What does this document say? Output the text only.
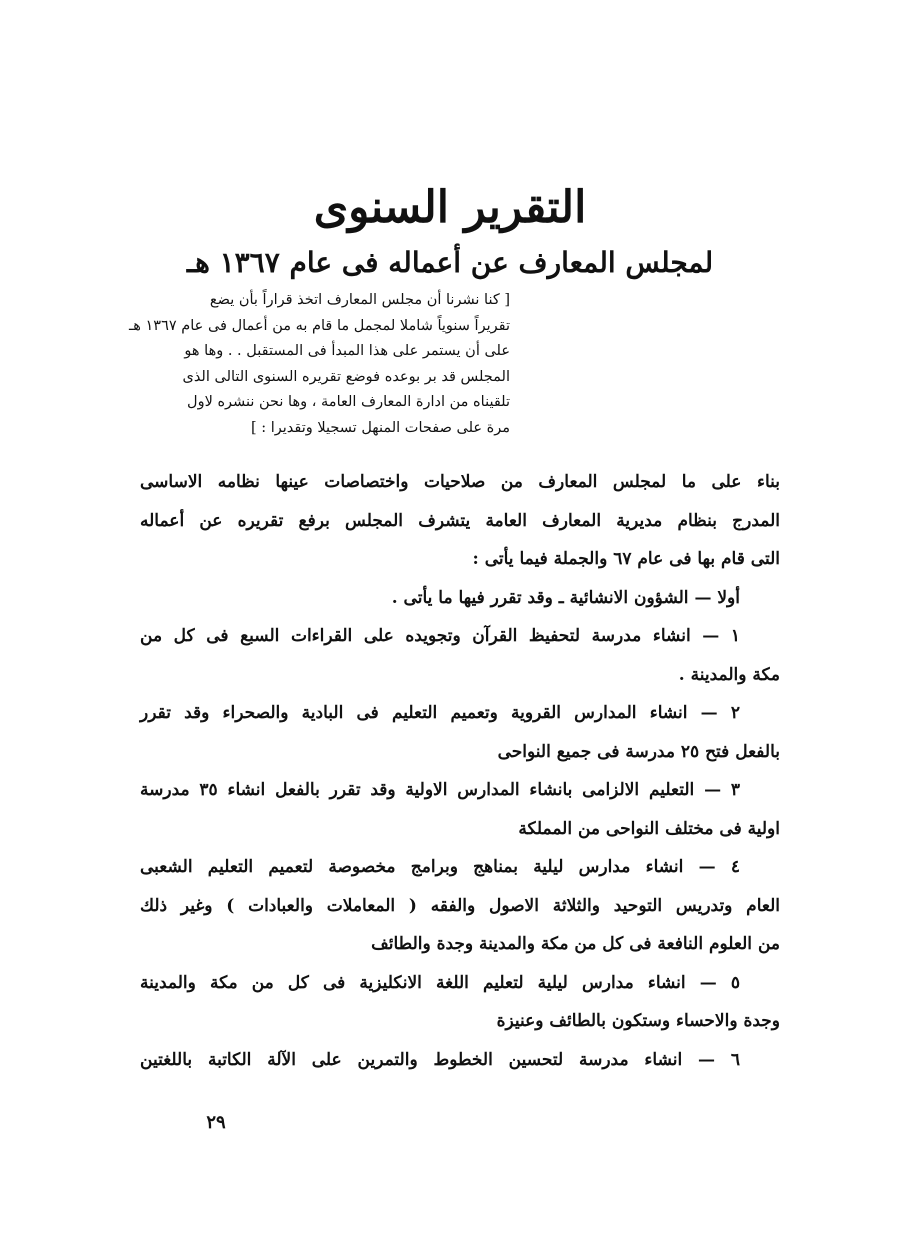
التقرير السنوى
لمجلس المعارف عن أعماله فى عام ١٣٦٧ هـ
[ كنا نشرنا أن مجلس المعارف اتخذ قراراً بأن يضع
تقريراً سنوياً شاملا لمجمل ما قام به من أعمال فى عام ١٣٦٧ هـ
على أن يستمر على هذا المبدأ فى المستقبل . . وها هو
المجلس قد بر بوعده فوضع تقريره السنوى التالى الذى
تلقيناه من ادارة المعارف العامة ، وها نحن ننشره لاول
مرة على صفحات المنهل تسجيلا وتقديرا : ]
بناء على ما لمجلس المعارف من صلاحيات واختصاصات عينها نظامه الاساسى
المدرج بنظام مديرية المعارف العامة يتشرف المجلس برفع تقريره عن أعماله
التى قام بها فى عام ٦٧ والجملة فيما يأتى :
أولا — الشؤون الانشائية ـ وقد تقرر فيها ما يأتى .
١ — انشاء مدرسة لتحفيظ القرآن وتجويده على القراءات السبع فى كل من
مكة والمدينة .
٢ — انشاء المدارس القروية وتعميم التعليم فى البادية والصحراء وقد تقرر
بالفعل فتح ٢٥ مدرسة فى جميع النواحى
٣ — التعليم الالزامى بانشاء المدارس الاولية وقد تقرر بالفعل انشاء ٣٥ مدرسة
اولية فى مختلف النواحى من المملكة
٤ — انشاء مدارس ليلية بمناهج وبرامج مخصوصة لتعميم التعليم الشعبى
العام وتدريس التوحيد والثلاثة الاصول والفقه ( المعاملات والعبادات ) وغير ذلك
من العلوم النافعة فى كل من مكة والمدينة وجدة والطائف
٥ — انشاء مدارس ليلية لتعليم اللغة الانكليزية فى كل من مكة والمدينة
وجدة والاحساء وستكون بالطائف وعنيزة
٦ — انشاء مدرسة لتحسين الخطوط والتمرين على الآلة الكاتبة باللغتين
٢٩
